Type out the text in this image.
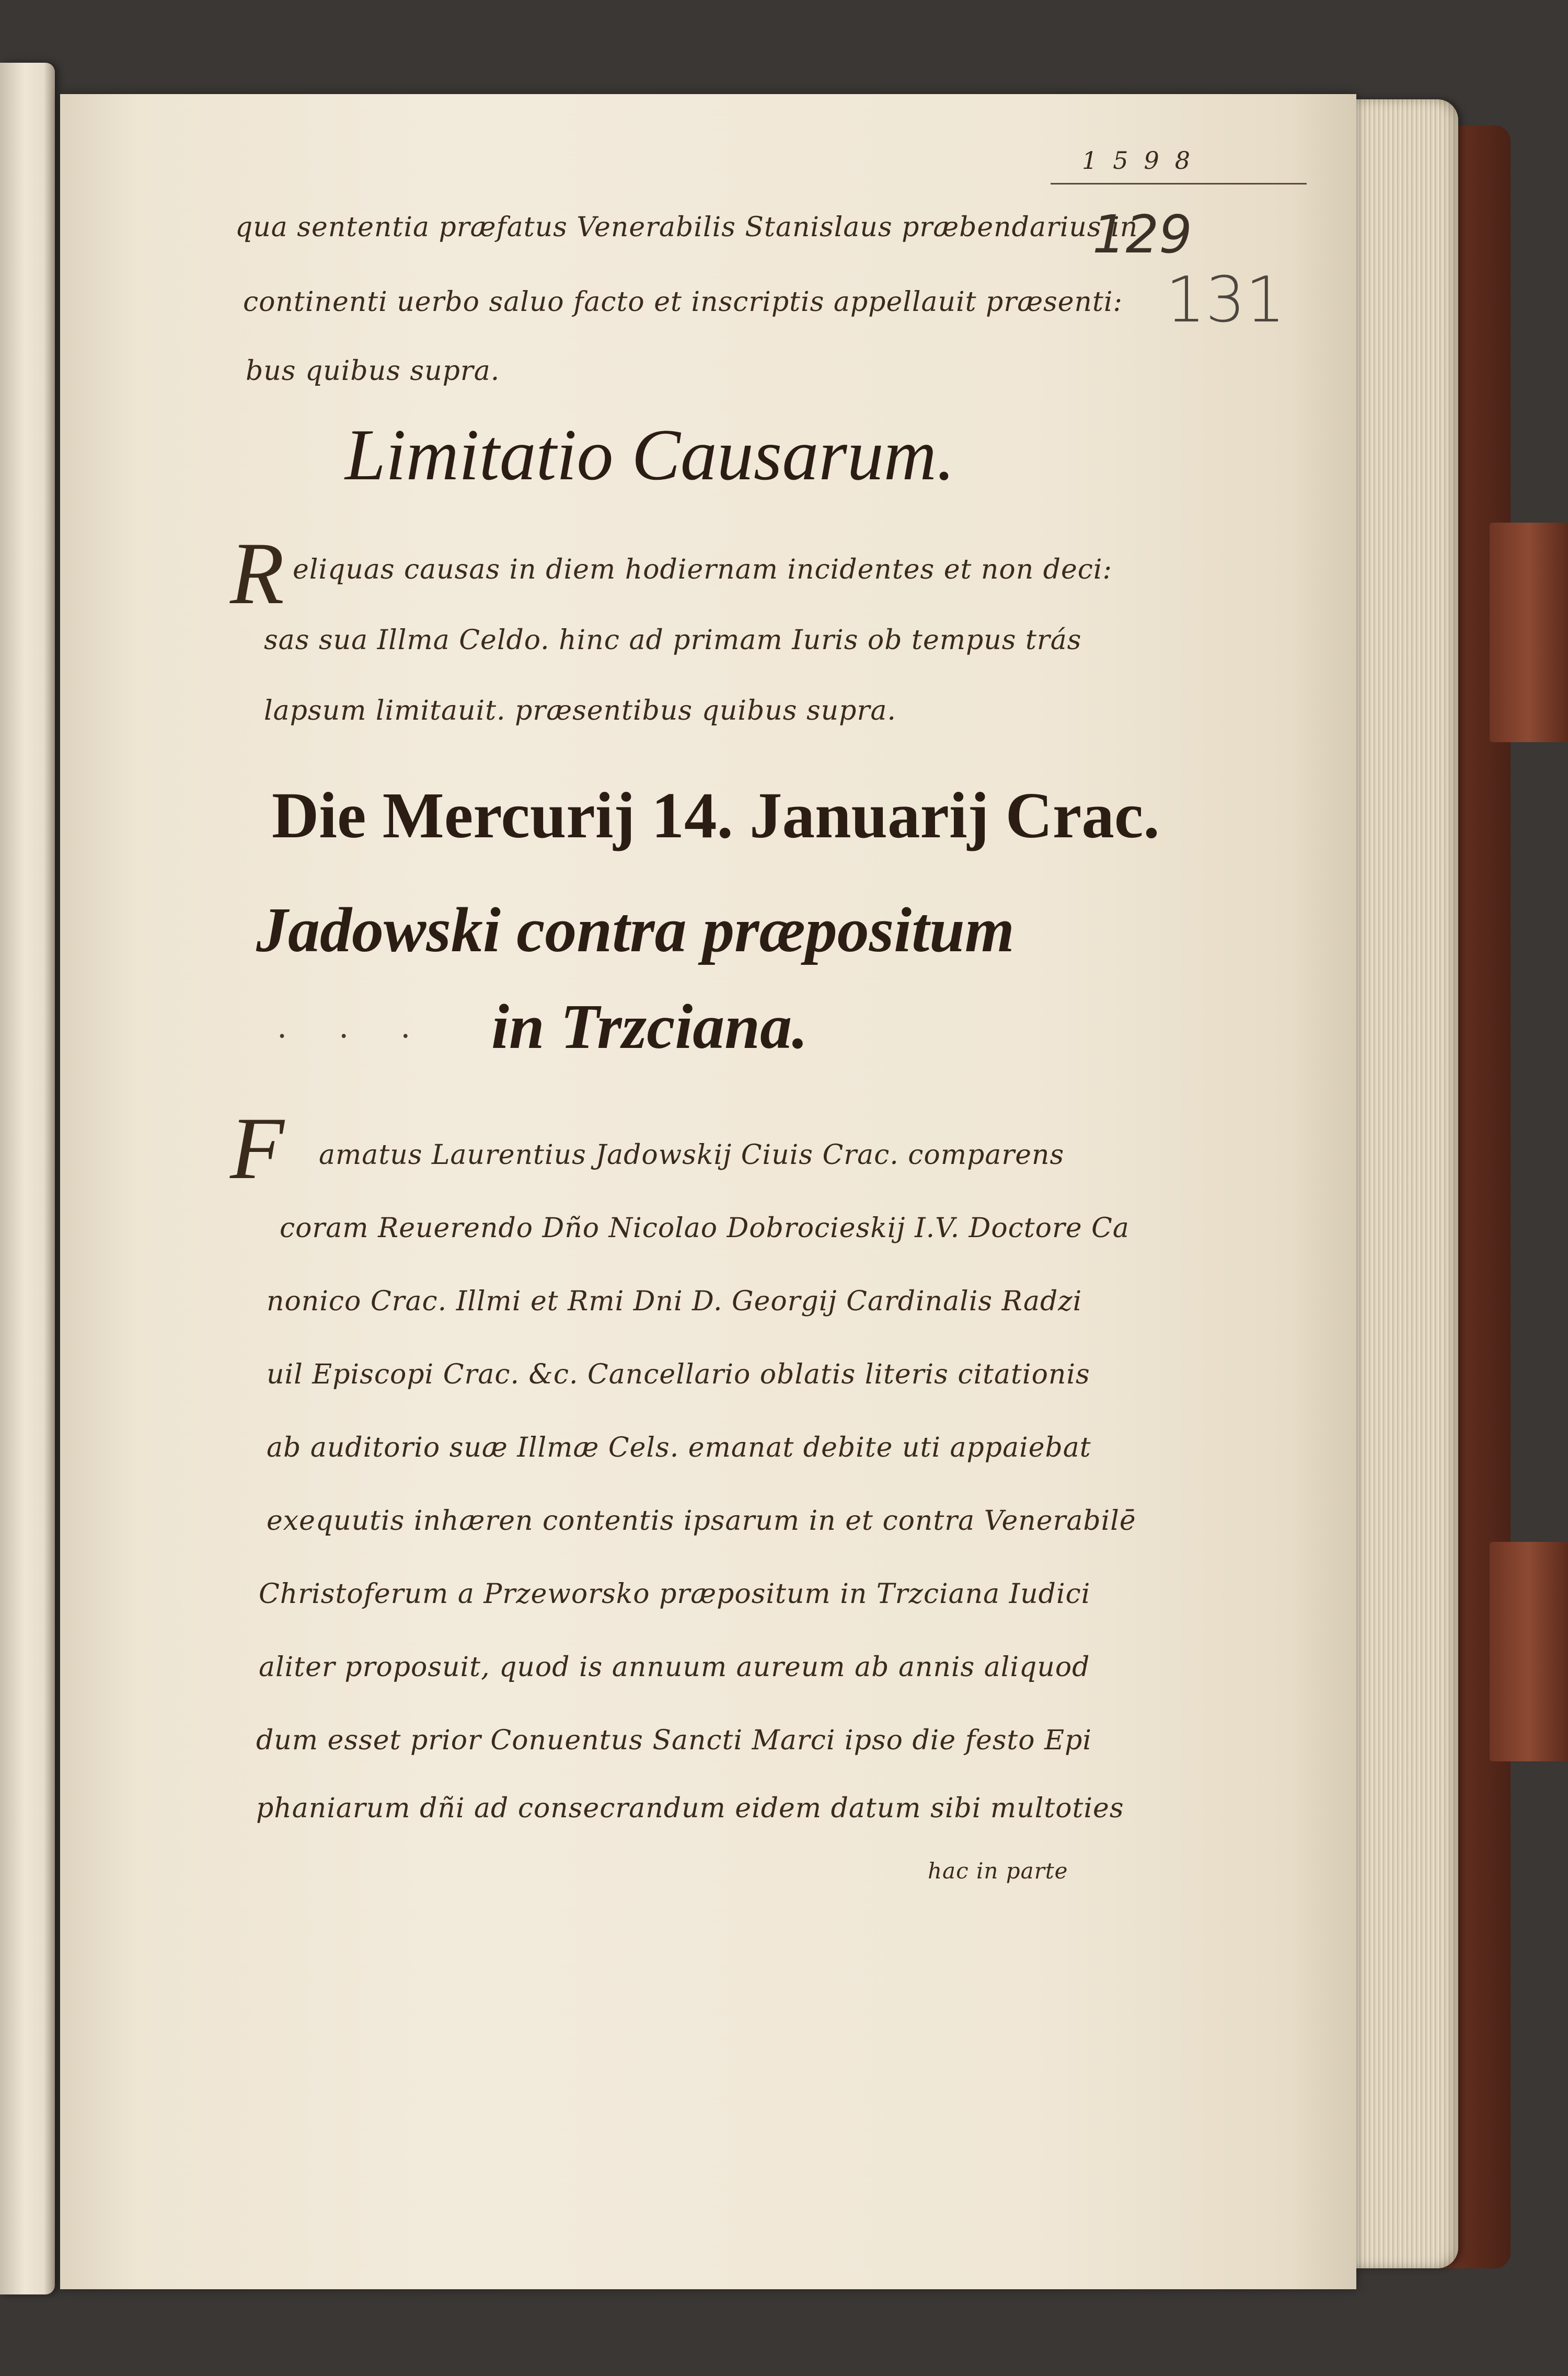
1598
129
131
qua sententia præfatus Venerabilis Stanislaus præbendarius in
continenti uerbo saluo facto et inscriptis appellauit præsenti:
bus quibus supra.
Limitatio Causarum.
R eliquas causas in diem hodiernam incidentes et non deci:
sas sua Illma Celdo. hinc ad primam Iuris ob tempus trás
lapsum limitauit. præsentibus quibus supra.
Die Mercurij 14. Januarij Crac.
Jadowski contra præpositum
. . . in Trzciana.
F amatus Laurentius Jadowskij Ciuis Crac. comparens
coram Reuerendo Dño Nicolao Dobrocieskij I.V. Doctore Ca
nonico Crac. Illmi et Rmi Dni D. Georgij Cardinalis Radzi
uil Episcopi Crac. &c. Cancellario oblatis literis citationis
ab auditorio suæ Illmæ Cels. emanat debite uti appaiebat
exequutis inhæren contentis ipsarum in et contra Venerabilē
Christoferum a Przeworsko præpositum in Trzciana Iudici
aliter proposuit, quod is annuum aureum ab annis aliquod
dum esset prior Conuentus Sancti Marci ipso die festo Epi
phaniarum dñi ad consecrandum eidem datum sibi multoties
hac in parte
